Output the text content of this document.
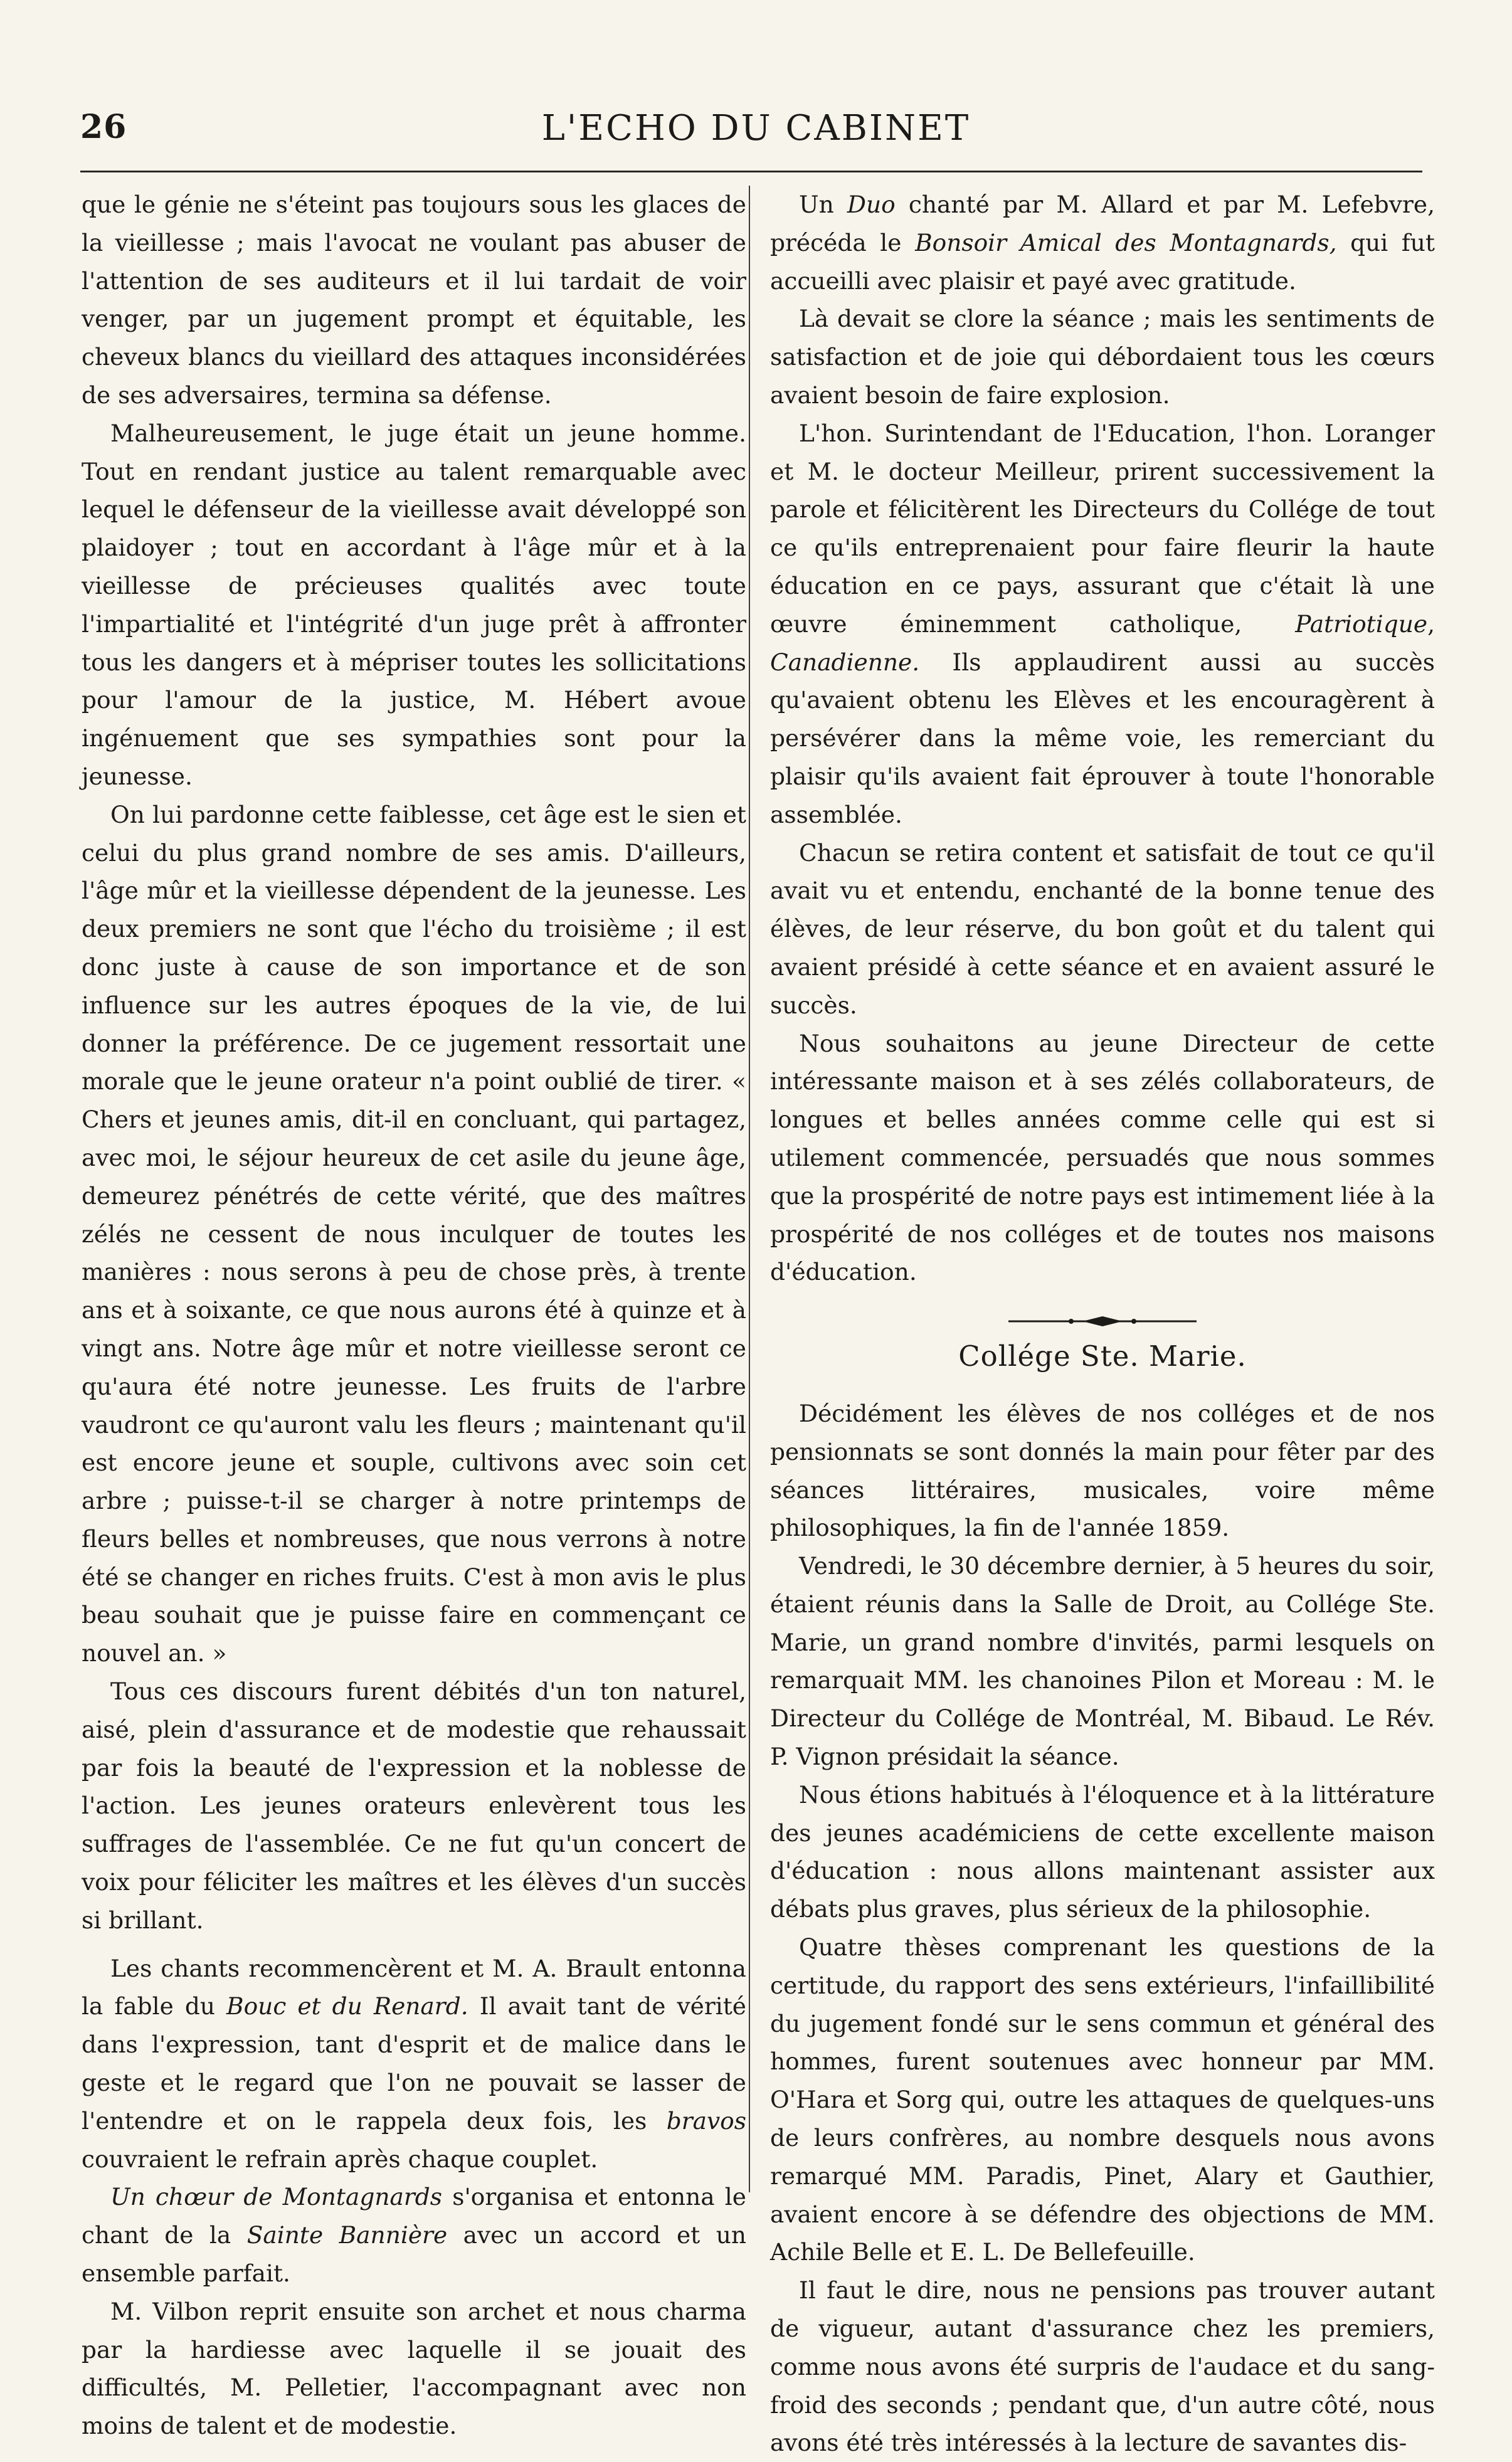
26	L'ECHO DU CABINET

que le génie ne s'éteint pas toujours sous les glaces de la vieillesse ; mais l'avocat ne voulant pas abuser de l'attention de ses auditeurs et il lui tardait de voir venger, par un jugement prompt et équitable, les cheveux blancs du vieillard des attaques inconsidérées de ses adversaires, termina sa défense.

Malheureusement, le juge était un jeune homme. Tout en rendant justice au talent remarquable avec lequel le défenseur de la vieillesse avait développé son plaidoyer ; tout en accordant à l'âge mûr et à la vieillesse de précieuses qualités avec toute l'impartialité et l'intégrité d'un juge prêt à affronter tous les dangers et à mépriser toutes les sollicitations pour l'amour de la justice, M. Hébert avoue ingénuement que ses sympathies sont pour la jeunesse.

On lui pardonne cette faiblesse, cet âge est le sien et celui du plus grand nombre de ses amis. D'ailleurs, l'âge mûr et la vieillesse dépendent de la jeunesse. Les deux premiers ne sont que l'écho du troisième ; il est donc juste à cause de son importance et de son influence sur les autres époques de la vie, de lui donner la préférence. De ce jugement ressortait une morale que le jeune orateur n'a point oublié de tirer. « Chers et jeunes amis, dit-il en concluant, qui partagez, avec moi, le séjour heureux de cet asile du jeune âge, demeurez pénétrés de cette vérité, que des maîtres zélés ne cessent de nous inculquer de toutes les manières : nous serons à peu de chose près, à trente ans et à soixante, ce que nous aurons été à quinze et à vingt ans. Notre âge mûr et notre vieillesse seront ce qu'aura été notre jeunesse. Les fruits de l'arbre vaudront ce qu'auront valu les fleurs ; maintenant qu'il est encore jeune et souple, cultivons avec soin cet arbre ; puisse-t-il se charger à notre printemps de fleurs belles et nombreuses, que nous verrons à notre été se changer en riches fruits. C'est à mon avis le plus beau souhait que je puisse faire en commençant ce nouvel an. »

Tous ces discours furent débités d'un ton naturel, aisé, plein d'assurance et de modestie que rehaussait par fois la beauté de l'expression et la noblesse de l'action. Les jeunes orateurs enlevèrent tous les suffrages de l'assemblée. Ce ne fut qu'un concert de voix pour féliciter les maîtres et les élèves d'un succès si brillant.

Les chants recommencèrent et M. A. Brault entonna la fable du Bouc et du Renard. Il avait tant de vérité dans l'expression, tant d'esprit et de malice dans le geste et le regard que l'on ne pouvait se lasser de l'entendre et on le rappela deux fois, les bravos couvraient le refrain après chaque couplet.

Un chœur de Montagnards s'organisa et entonna le chant de la Sainte Bannière avec un accord et un ensemble parfait.

M. Vilbon reprit ensuite son archet et nous charma par la hardiesse avec laquelle il se jouait des difficultés, M. Pelletier, l'accompagnant avec non moins de talent et de modestie.

Un Duo chanté par M. Allard et par M. Lefebvre, précéda le Bonsoir Amical des Montagnards, qui fut accueilli avec plaisir et payé avec gratitude.

Là devait se clore la séance ; mais les sentiments de satisfaction et de joie qui débordaient tous les cœurs avaient besoin de faire explosion.

L'hon. Surintendant de l'Education, l'hon. Loranger et M. le docteur Meilleur, prirent successivement la parole et félicitèrent les Directeurs du Collége de tout ce qu'ils entreprenaient pour faire fleurir la haute éducation en ce pays, assurant que c'était là une œuvre éminemment catholique, Patriotique, Canadienne. Ils applaudirent aussi au succès qu'avaient obtenu les Elèves et les encouragèrent à persévérer dans la même voie, les remerciant du plaisir qu'ils avaient fait éprouver à toute l'honorable assemblée.

Chacun se retira content et satisfait de tout ce qu'il avait vu et entendu, enchanté de la bonne tenue des élèves, de leur réserve, du bon goût et du talent qui avaient présidé à cette séance et en avaient assuré le succès.

Nous souhaitons au jeune Directeur de cette intéressante maison et à ses zélés collaborateurs, de longues et belles années comme celle qui est si utilement commencée, persuadés que nous sommes que la prospérité de notre pays est intimement liée à la prospérité de nos colléges et de toutes nos maisons d'éducation.

Collége Ste. Marie.

Décidément les élèves de nos colléges et de nos pensionnats se sont donnés la main pour fêter par des séances littéraires, musicales, voire même philosophiques, la fin de l'année 1859.

Vendredi, le 30 décembre dernier, à 5 heures du soir, étaient réunis dans la Salle de Droit, au Collége Ste. Marie, un grand nombre d'invités, parmi lesquels on remarquait MM. les chanoines Pilon et Moreau : M. le Directeur du Collége de Montréal, M. Bibaud. Le Rév. P. Vignon présidait la séance.

Nous étions habitués à l'éloquence et à la littérature des jeunes académiciens de cette excellente maison d'éducation : nous allons maintenant assister aux débats plus graves, plus sérieux de la philosophie.

Quatre thèses comprenant les questions de la certitude, du rapport des sens extérieurs, l'infaillibilité du jugement fondé sur le sens commun et général des hommes, furent soutenues avec honneur par MM. O'Hara et Sorg qui, outre les attaques de quelques-uns de leurs confrères, au nombre desquels nous avons remarqué MM. Paradis, Pinet, Alary et Gauthier, avaient encore à se défendre des objections de MM. Achile Belle et E. L. De Bellefeuille.

Il faut le dire, nous ne pensions pas trouver autant de vigueur, autant d'assurance chez les premiers, comme nous avons été surpris de l'audace et du sang-froid des seconds ; pendant que, d'un autre côté, nous avons été très intéressés à la lecture de savantes dis-
